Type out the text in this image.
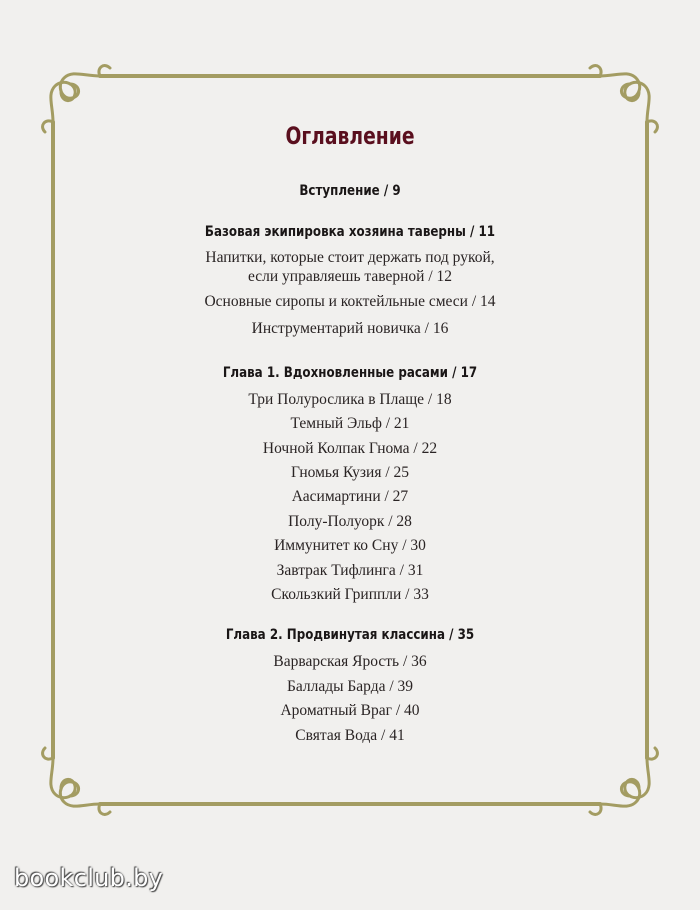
Оглавление
Вступление / 9
Базовая экипировка хозяина таверны / 11
Напитки, которые стоит держать под рукой,
если управляешь таверной / 12
Основные сиропы и коктейльные смеси / 14
Инструментарий новичка / 16
Глава 1. Вдохновленные расами / 17
Три Полурослика в Плаще / 18
Темный Эльф / 21
Ночной Колпак Гнома / 22
Гномья Кузия / 25
Аасимартини / 27
Полу-Полуорк / 28
Иммунитет ко Сну / 30
Завтрак Тифлинга / 31
Скользкий Гриппли / 33
Глава 2. Продвинутая классина / 35
Варварская Ярость / 36
Баллады Барда / 39
Ароматный Враг / 40
Святая Вода / 41
bookclub.by
